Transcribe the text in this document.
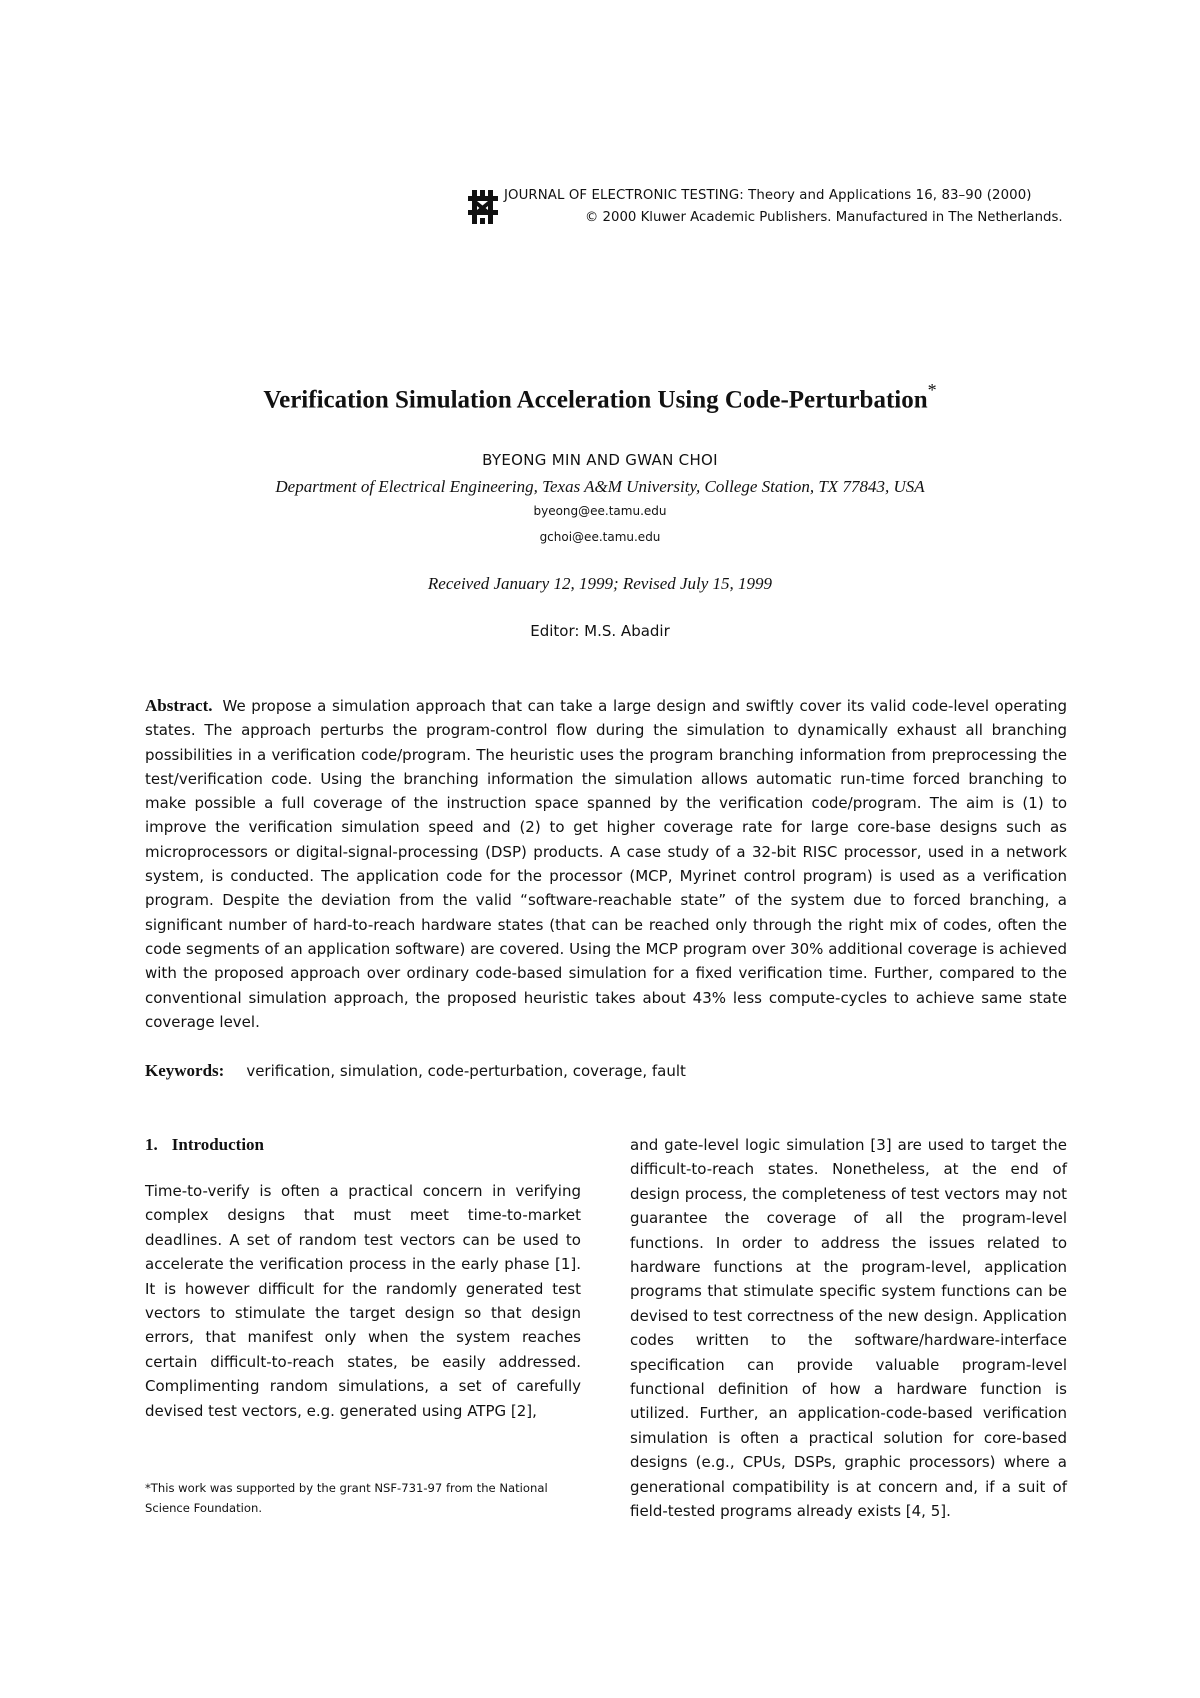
JOURNAL OF ELECTRONIC TESTING: Theory and Applications 16, 83–90 (2000)
© 2000 Kluwer Academic Publishers. Manufactured in The Netherlands.
Verification Simulation Acceleration Using Code-Perturbation*
BYEONG MIN AND GWAN CHOI
Department of Electrical Engineering, Texas A&M University, College Station, TX 77843, USA
byeong@ee.tamu.edu
gchoi@ee.tamu.edu
Received January 12, 1999; Revised July 15, 1999
Editor: M.S. Abadir
Abstract. We propose a simulation approach that can take a large design and swiftly cover its valid code-level operating states. The approach perturbs the program-control flow during the simulation to dynamically exhaust all branching possibilities in a verification code/program. The heuristic uses the program branching information from preprocessing the test/verification code. Using the branching information the simulation allows automatic run-time forced branching to make possible a full coverage of the instruction space spanned by the verification code/program. The aim is (1) to improve the verification simulation speed and (2) to get higher coverage rate for large core-base designs such as microprocessors or digital-signal-processing (DSP) products. A case study of a 32-bit RISC processor, used in a network system, is conducted. The application code for the processor (MCP, Myrinet control program) is used as a verification program. Despite the deviation from the valid “software-reachable state” of the system due to forced branching, a significant number of hard-to-reach hardware states (that can be reached only through the right mix of codes, often the code segments of an application software) are covered. Using the MCP program over 30% additional coverage is achieved with the proposed approach over ordinary code-based simulation for a fixed verification time. Further, compared to the conventional simulation approach, the proposed heuristic takes about 43% less compute-cycles to achieve same state coverage level.
Keywords: verification, simulation, code-perturbation, coverage, fault
1. Introduction

Time-to-verify is often a practical concern in verifying complex designs that must meet time-to-market deadlines. A set of random test vectors can be used to accelerate the verification process in the early phase [1]. It is however difficult for the randomly generated test vectors to stimulate the target design so that design errors, that manifest only when the system reaches certain difficult-to-reach states, be easily addressed. Complimenting random simulations, a set of carefully devised test vectors, e.g. generated using ATPG [2],

and gate-level logic simulation [3] are used to target the difficult-to-reach states. Nonetheless, at the end of design process, the completeness of test vectors may not guarantee the coverage of all the program-level functions. In order to address the issues related to hardware functions at the program-level, application programs that stimulate specific system functions can be devised to test correctness of the new design. Application codes written to the software/hardware-interface specification can provide valuable program-level functional definition of how a hardware function is utilized. Further, an application-code-based verification simulation is often a practical solution for core-based designs (e.g., CPUs, DSPs, graphic processors) where a generational compatibility is at concern and, if a suit of field-tested programs already exists [4, 5].

*This work was supported by the grant NSF-731-97 from the National Science Foundation.
